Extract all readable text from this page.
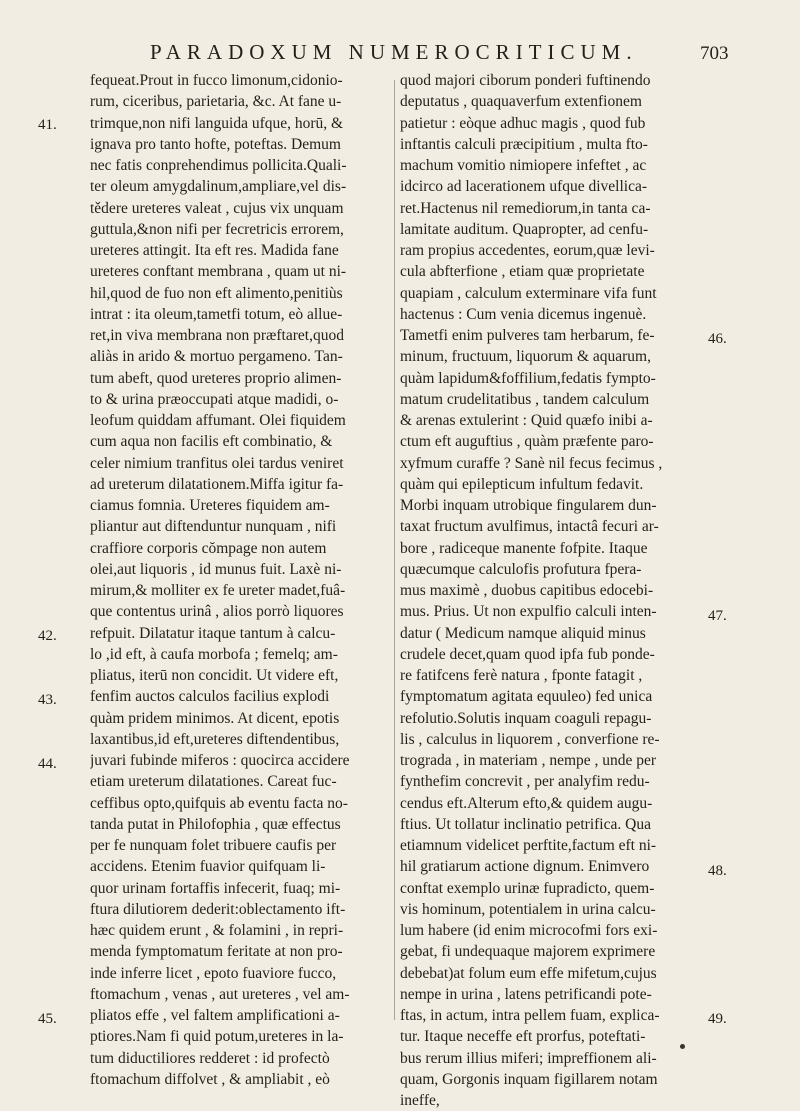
PARADOXUM NUMEROCRITICUM.	703
fequeat.Prout in fucco limonum,cidonio-
rum, ciceribus, parietaria, &c. At fane u-
trimque,non nifi languida ufque, horū, &
ignava pro tanto hofte, poteftas. Demum
nec fatis conprehendimus pollicita.Quali-
ter oleum amygdalinum,ampliare,vel dis-
tědere ureteres valeat , cujus vix unquam
guttula,&non nifi per fecretricis errorem,
ureteres attingit. Ita eft res. Madida fane
ureteres conftant membrana , quam ut ni-
hil,quod de fuo non eft alimento,penitiùs
intrat : ita oleum,tametfi totum, eò allue-
ret,in viva membrana non præftaret,quod
aliàs in arido & mortuo pergameno. Tan-
tum abeft, quod ureteres proprio alimen-
to & urina præoccupati atque madidi, o-
leofum quiddam affumant. Olei fiquidem
cum aqua non facilis eft combinatio, &
celer nimium tranfitus olei tardus veniret
ad ureterum dilatationem.Miffa igitur fa-
ciamus fomnia. Ureteres fiquidem am-
pliantur aut diftenduntur nunquam , nifi
craffiore corporis cŏmpage non autem
olei,aut liquoris , id munus fuit. Laxè ni-
mirum,& molliter ex fe ureter madet,fuâ-
que contentus urinâ , alios porrò liquores
refpuit. Dilatatur itaque tantum à calcu-
lo ,id eft, à caufa morbofa ; femelq; am-
pliatus, iterū non concidit. Ut videre eft,
fenfim auctos calculos facilius explodi
quàm pridem minimos. At dicent, epotis
laxantibus,id eft,ureteres diftendentibus,
juvari fubinde miferos : quocirca accidere
etiam ureterum dilatationes. Careat fuc-
ceffibus opto,quifquis ab eventu facta no-
tanda putat in Philofophia , quæ effectus
per fe nunquam folet tribuere caufis per
accidens. Etenim fuavior quifquam li-
quor urinam fortaffis infecerit, fuaq; mi-
ftura dilutiorem dederit:oblectamento ift-
hæc quidem erunt , & folamini , in repri-
menda fymptomatum feritate at non pro-
inde inferre licet , epoto fuaviore fucco,
ftomachum , venas , aut ureteres , vel am-
pliatos effe , vel faltem amplificationi a-
ptiores.Nam fi quid potum,ureteres in la-
tum diductiliores redderet : id profectò
ftomachum diffolvet , & ampliabit , eò
quod majori ciborum ponderi fuftinendo
deputatus , quaquaverfum extenfionem
patietur : eòque adhuc magis , quod fub
inftantis calculi præcipitium , multa fto-
machum vomitio nimiopere infeftet , ac
idcirco ad lacerationem ufque divellica-
ret.Hactenus nil remediorum,in tanta ca-
lamitate auditum. Quapropter, ad cenfu-
ram propius accedentes, eorum,quæ levi-
cula abfterfione , etiam quæ proprietate
quapiam , calculum exterminare vifa funt
hactenus : Cum venia dicemus ingenuè.
Tametfi enim pulveres tam herbarum, fe-
minum, fructuum, liquorum & aquarum,
quàm lapidum&foffilium,fedatis fympto-
matum crudelitatibus , tandem calculum
& arenas extulerint : Quid quæfo inibi a-
ctum eft auguftius , quàm præfente paro-
xyfmum curaffe ? Sanè nil fecus fecimus ,
quàm qui epilepticum infultum fedavit.
Morbi inquam utrobique fingularem dun-
taxat fructum avulfimus, intactâ fecuri ar-
bore , radiceque manente fofpite. Itaque
quæcumque calculofis profutura fpera-
mus maximè , duobus capitibus edocebi-
mus. Prius. Ut non expulfio calculi inten-
datur ( Medicum namque aliquid minus
crudele decet,quam quod ipfa fub ponde-
re fatifcens ferè natura , fponte fatagit ,
fymptomatum agitata equuleo) fed unica
refolutio.Solutis inquam coaguli repagu-
lis , calculus in liquorem , converfione re-
trograda , in materiam , nempe , unde per
fynthefim concrevit , per analyfim redu-
cendus eft.Alterum efto,& quidem augu-
ftius. Ut tollatur inclinatio petrifica. Qua
etiamnum videlicet perftite,factum eft ni-
hil gratiarum actione dignum. Enimvero
conftat exemplo urinæ fupradicto, quem-
vis hominum, potentialem in urina calcu-
lum habere (id enim microcofmi fors exi-
gebat, fi undequaque majorem exprimere
debebat)at folum eum effe mifetum,cujus
nempe in urina , latens petrificandi pote-
ftas, in actum, intra pellem fuam, explica-
tur. Itaque neceffe eft prorfus, poteftati-
bus rerum illius miferi; impreffionem ali-
quam, Gorgonis inquam figillarem notam
ineffe,
41.
42.
43.
44.
45.
46.
47.
48.
49.
